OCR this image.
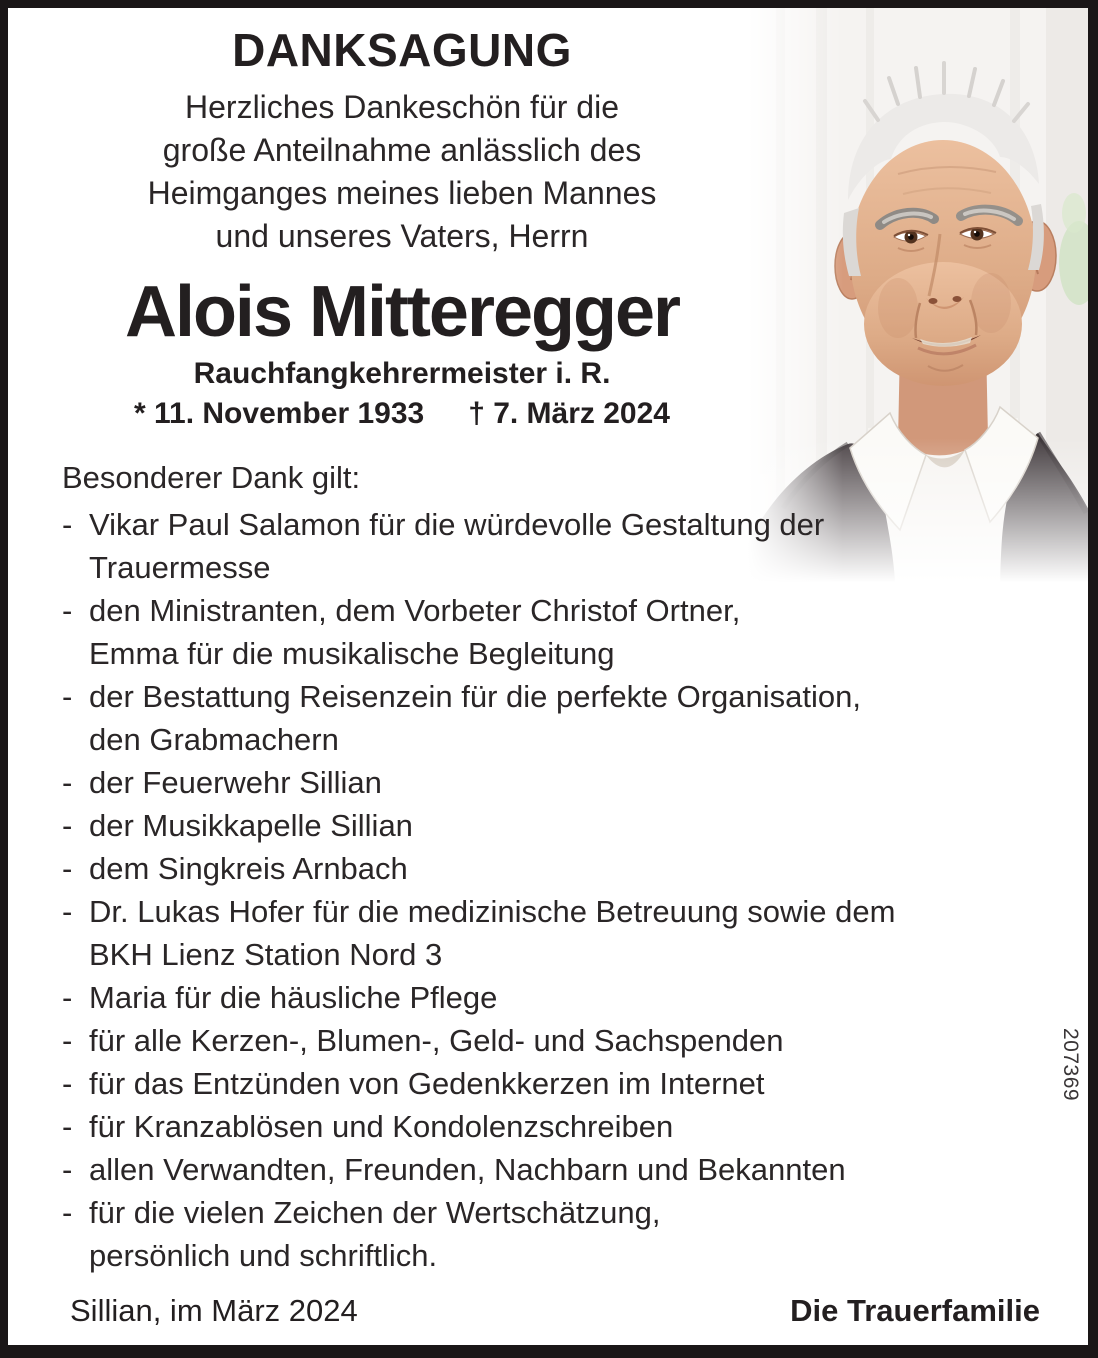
DANKSAGUNG
Herzliches Dankeschön für die
große Anteilnahme anlässlich des
Heimganges meines lieben Mannes
und unseres Vaters, Herrn
Alois Mitteregger
Rauchfangkehrermeister i. R.
* 11. November 1933 † 7. März 2024
Besonderer Dank gilt:
- Vikar Paul Salamon für die würdevolle Gestaltung der
Trauermesse
- den Ministranten, dem Vorbeter Christof Ortner,
Emma für die musikalische Begleitung
- der Bestattung Reisenzein für die perfekte Organisation,
den Grabmachern
- der Feuerwehr Sillian
- der Musikkapelle Sillian
- dem Singkreis Arnbach
- Dr. Lukas Hofer für die medizinische Betreuung sowie dem
BKH Lienz Station Nord 3
- Maria für die häusliche Pflege
- für alle Kerzen-, Blumen-, Geld- und Sachspenden
- für das Entzünden von Gedenkkerzen im Internet
- für Kranzablösen und Kondolenzschreiben
- allen Verwandten, Freunden, Nachbarn und Bekannten
- für die vielen Zeichen der Wertschätzung,
persönlich und schriftlich.
207369
Sillian, im März 2024	Die Trauerfamilie
